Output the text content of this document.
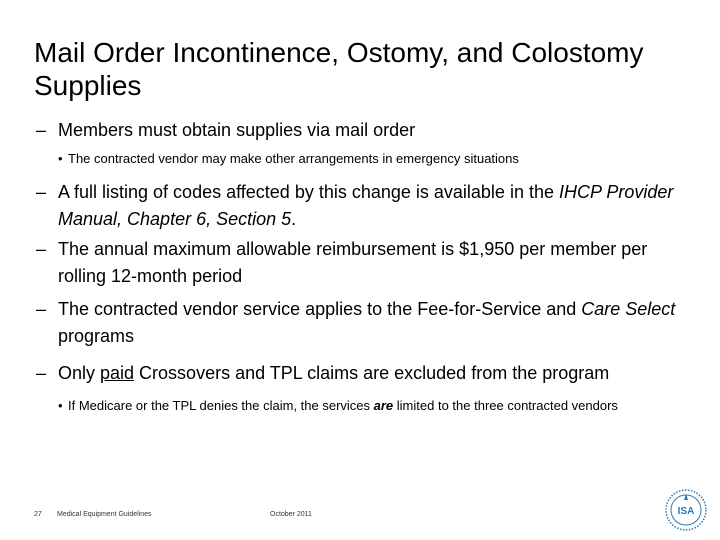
Mail Order Incontinence, Ostomy, and Colostomy Supplies
– Members must obtain supplies via mail order
• The contracted vendor may make other arrangements in emergency situations
– A full listing of codes affected by this change is available in the IHCP Provider Manual, Chapter 6, Section 5.
– The annual maximum allowable reimbursement is $1,950 per member per rolling 12-month period
– The contracted vendor service applies to the Fee-for-Service and Care Select programs
– Only paid Crossovers and TPL claims are excluded from the program
• If Medicare or the TPL denies the claim, the services are limited to the three contracted vendors
27 Medical Equipment Guidelines	October 2011	ISA
